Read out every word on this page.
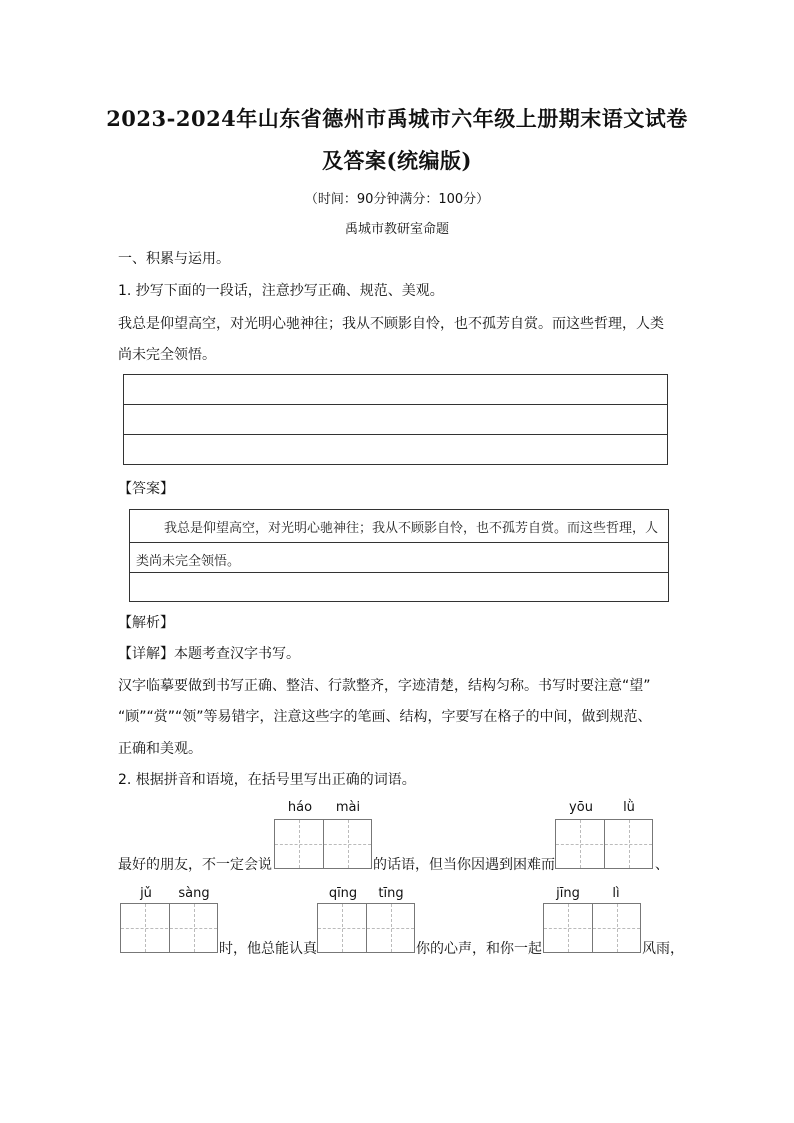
2023-2024年山东省德州市禹城市六年级上册期末语文试卷
及答案(统编版)
（时间：90分钟满分：100分）
禹城市教研室命题
一、积累与运用。
1. 抄写下面的一段话，注意抄写正确、规范、美观。
我总是仰望高空，对光明心驰神往；我从不顾影自怜，也不孤芳自赏。而这些哲理，人类
尚未完全领悟。
【答案】
我总是仰望高空，对光明心驰神往；我从不顾影自怜，也不孤芳自赏。而这些哲理，人
类尚未完全领悟。
【解析】
【详解】本题考查汉字书写。
汉字临摹要做到书写正确、整洁、行款整齐，字迹清楚，结构匀称。书写时要注意“望”
“顾”“赏”“领”等易错字，注意这些字的笔画、结构，字要写在格子的中间，做到规范、
正确和美观。
2. 根据拼音和语境，在括号里写出正确的词语。
háo	mài	yōu	lǜ
最好的朋友，不一定会说	的话语，但当你因遇到困难而	、
jǔ	sàng	qīng	tīng	jīng	lì
时，他总能认真	你的心声，和你一起	风雨，
